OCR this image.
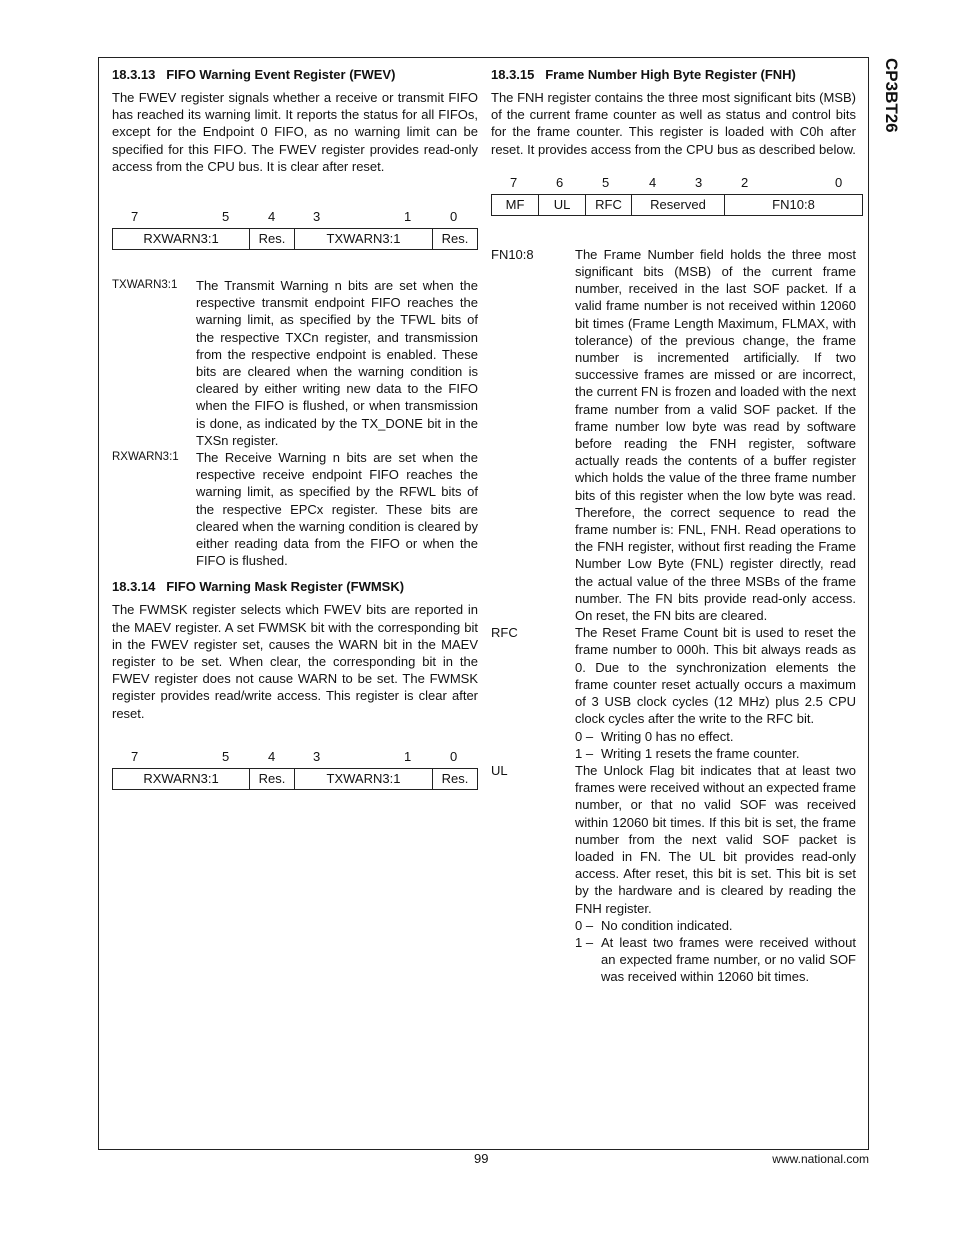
CP3BT26
18.3.13   FIFO Warning Event Register (FWEV)

The FWEV register signals whether a receive or transmit FIFO has reached its warning limit. It reports the status for all FIFOs, except for the Endpoint 0 FIFO, as no warning limit can be specified for this FIFO. The FWEV register provides read-only access from the CPU bus. It is clear after reset.

7	5	4	3	1	0
RXWARN3:1	Res.	TXWARN3:1	Res.
TXWARN3:1	The Transmit Warning n bits are set when the respective transmit endpoint FIFO reaches the warning limit, as specified by the TFWL bits of the respective TXCn register, and transmission from the respective endpoint is enabled. These bits are cleared when the warning condition is cleared by either writing new data to the FIFO when the FIFO is flushed, or when transmission is done, as indicated by the TX_DONE bit in the TXSn register.
RXWARN3:1	The Receive Warning n bits are set when the respective receive endpoint FIFO reaches the warning limit, as specified by the RFWL bits of the respective EPCx register. These bits are cleared when the warning condition is cleared by either reading data from the FIFO or when the FIFO is flushed.
18.3.14   FIFO Warning Mask Register (FWMSK)

The FWMSK register selects which FWEV bits are reported in the MAEV register. A set FWMSK bit with the corresponding bit in the FWEV register set, causes the WARN bit in the MAEV register to be set. When clear, the corresponding bit in the FWEV register does not cause WARN to be set. The FWMSK register provides read/write access. This register is clear after reset.

7	5	4	3	1	0
RXWARN3:1	Res.	TXWARN3:1	Res.
18.3.15   Frame Number High Byte Register (FNH)

The FNH register contains the three most significant bits (MSB) of the current frame counter as well as status and control bits for the frame counter. This register is loaded with C0h after reset. It provides access from the CPU bus as described below.

7	6	5	4	3	2	0
MF	UL	RFC	Reserved	FN10:8
FN10:8	The Frame Number field holds the three most significant bits (MSB) of the current frame number, received in the last SOF packet. If a valid frame number is not received within 12060 bit times (Frame Length Maximum, FLMAX, with tolerance) of the previous change, the frame number is incremented artificially. If two successive frames are missed or are incorrect, the current FN is frozen and loaded with the next frame number from a valid SOF packet. If the frame number low byte was read by software before reading the FNH register, software actually reads the contents of a buffer register which holds the value of the three frame number bits of this register when the low byte was read. Therefore, the correct sequence to read the frame number is: FNL, FNH. Read operations to the FNH register, without first reading the Frame Number Low Byte (FNL) register directly, read the actual value of the three MSBs of the frame number. The FN bits provide read-only access. On reset, the FN bits are cleared.
RFC	The Reset Frame Count bit is used to reset the frame number to 000h. This bit always reads as 0. Due to the synchronization elements the frame counter reset actually occurs a maximum of 3 USB clock cycles (12 MHz) plus 2.5 CPU clock cycles after the write to the RFC bit.
0 – Writing 0 has no effect.
1 – Writing 1 resets the frame counter.
UL	The Unlock Flag bit indicates that at least two frames were received without an expected frame number, or that no valid SOF was received within 12060 bit times. If this bit is set, the frame number from the next valid SOF packet is loaded in FN. The UL bit provides read-only access. After reset, this bit is set. This bit is set by the hardware and is cleared by reading the FNH register.
0 – No condition indicated.
1 – At least two frames were received without an expected frame number, or no valid SOF was received within 12060 bit times.
99	www.national.com
